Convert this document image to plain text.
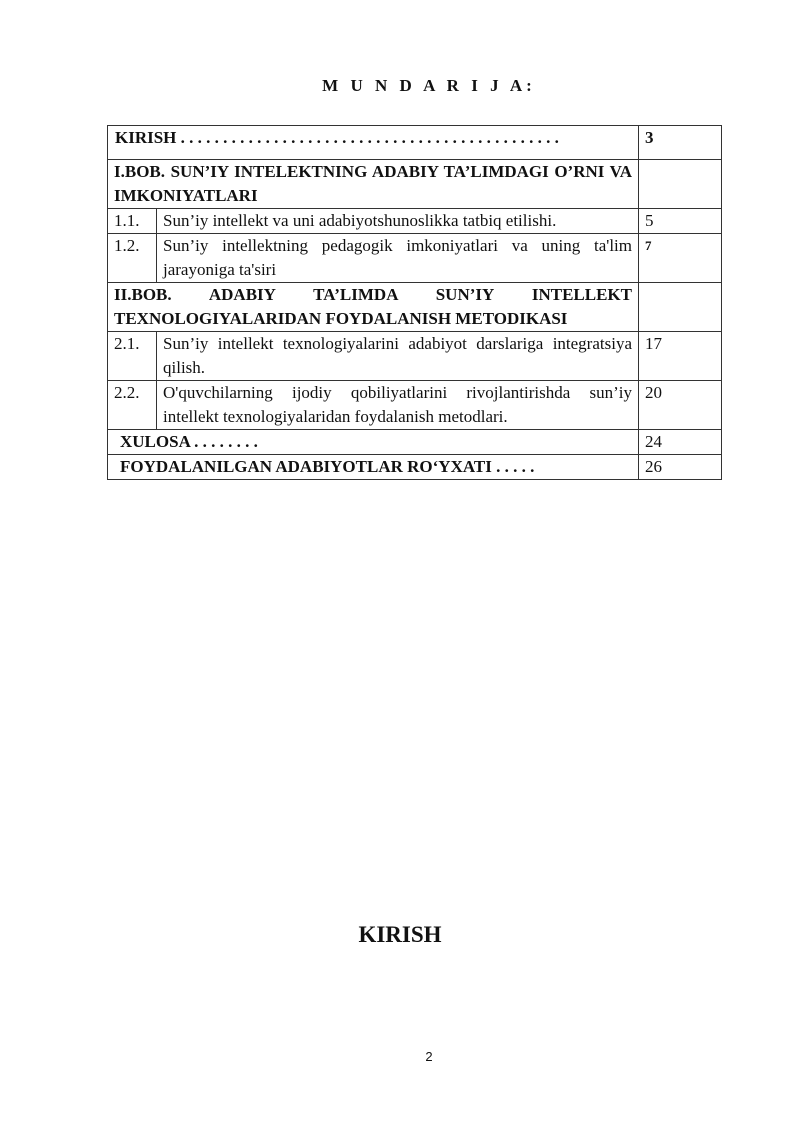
M U N D A R I J A:
KIRISH . . . . . . . . . . . . . . . . . . . . . . . . . . . . . . . . . . . . . . . . . . . . .		3
I.BOB. SUN’IY INTELEKTNING ADABIY TA’LIMDAGI O’RNI VA IMKONIYATLARI		
1.1.	Sun’iy intellekt va uni adabiyotshunoslikka tatbiq etilishi.	5
1.2.	Sun’iy intellektning pedagogik imkoniyatlari va uning ta'lim jarayoniga ta'siri	7
II.BOB. ADABIY TA’LIMDA SUN’IY INTELLEKT TEXNOLOGIYALARIDAN FOYDALANISH METODIKASI		
2.1.	Sun’iy intellekt texnologiyalarini adabiyot darslariga integratsiya qilish.	17
2.2.	O'quvchilarning ijodiy qobiliyatlarini rivojlantirishda sun’iy intellekt texnologiyalaridan foydalanish metodlari.	20
XULOSA . . . . . . . .		24
FOYDALANILGAN ADABIYOTLAR RO‘YXATI . . . . .		26
KIRISH
2
